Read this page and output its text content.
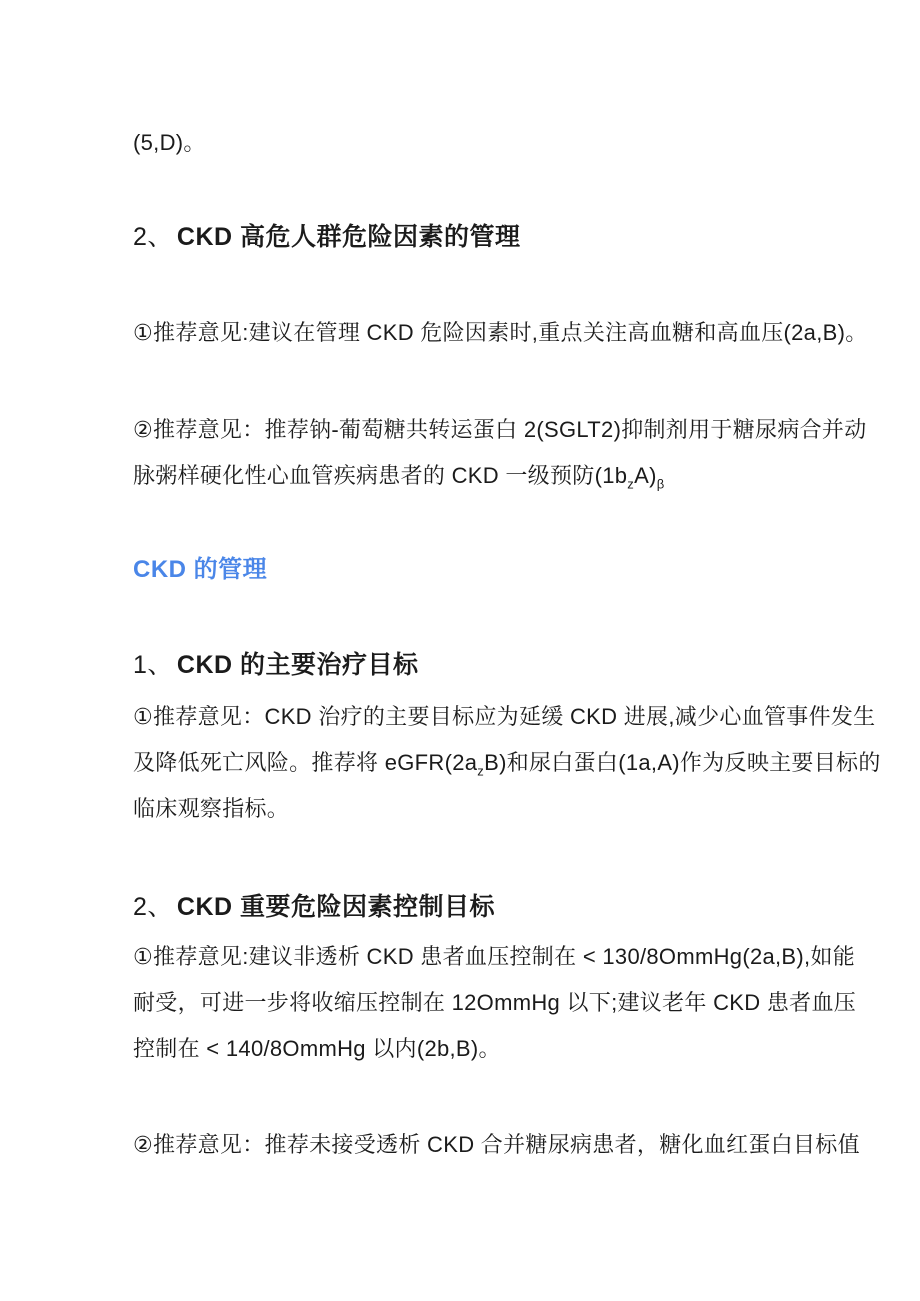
(5,D)。
2、 CKD 高危人群危险因素的管理
①推荐意见:建议在管理 CKD 危险因素时,重点关注高血糖和高血压(2a,B)。
②推荐意见：推荐钠-葡萄糖共转运蛋白 2(SGLT2)抑制剂用于糖尿病合并动
脉粥样硬化性心血管疾病患者的 CKD 一级预防$(1b_zA)_\beta$
CKD 的管理
1、 CKD 的主要治疗目标
①推荐意见：CKD 治疗的主要目标应为延缓 CKD 进展,减少心血管事件发生
及降低死亡风险。推荐将 $eGFR(2a_zB)$和尿白蛋白(1a,A)作为反映主要目标的
临床观察指标。
2、 CKD 重要危险因素控制目标
①推荐意见:建议非透析 CKD 患者血压控制在 < 130/8OmmHg(2a,B),如能
耐受，可进一步将收缩压控制在 12OmmHg 以下;建议老年 CKD 患者血压
控制在 < 140/8OmmHg 以内(2b,B)。
②推荐意见：推荐未接受透析 CKD 合并糖尿病患者，糖化血红蛋白目标值
